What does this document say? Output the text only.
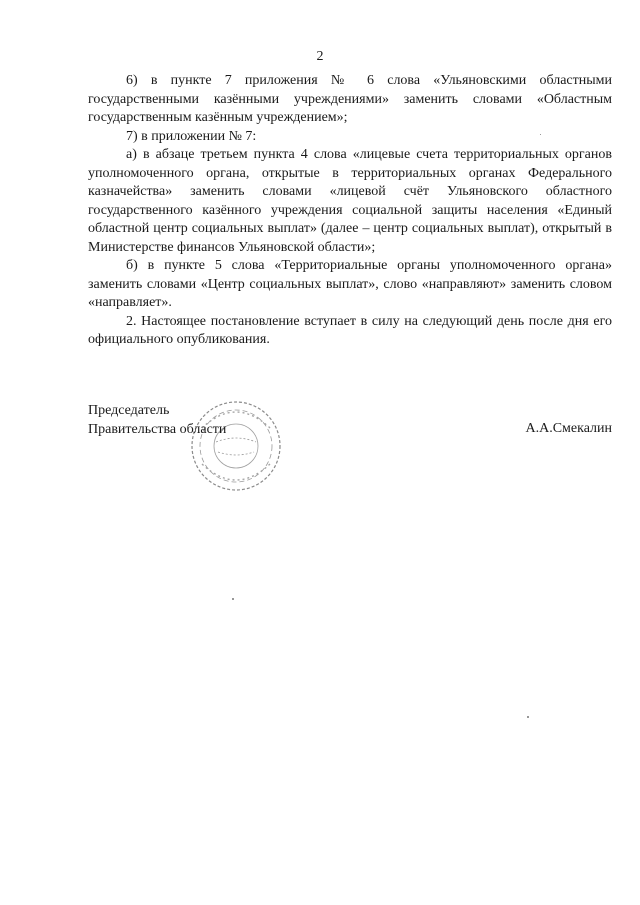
2

6) в пункте 7 приложения № 6 слова «Ульяновскими областными государственными казёнными учреждениями» заменить словами «Областным государственным казённым учреждением»;

7) в приложении № 7:

а) в абзаце третьем пункта 4 слова «лицевые счета территориальных органов уполномоченного органа, открытые в территориальных органах Федерального казначейства» заменить словами «лицевой счёт Ульяновского областного государственного казённого учреждения социальной защиты населения «Единый областной центр социальных выплат» (далее – центр социальных выплат), открытый в Министерстве финансов Ульяновской области»;

б) в пункте 5 слова «Территориальные органы уполномоченного органа» заменить словами «Центр социальных выплат», слово «направляют» заменить словом «направляет».

2. Настоящее постановление вступает в силу на следующий день после дня его официального опубликования.

Председатель
Правительства области	А.А.Смекалин
